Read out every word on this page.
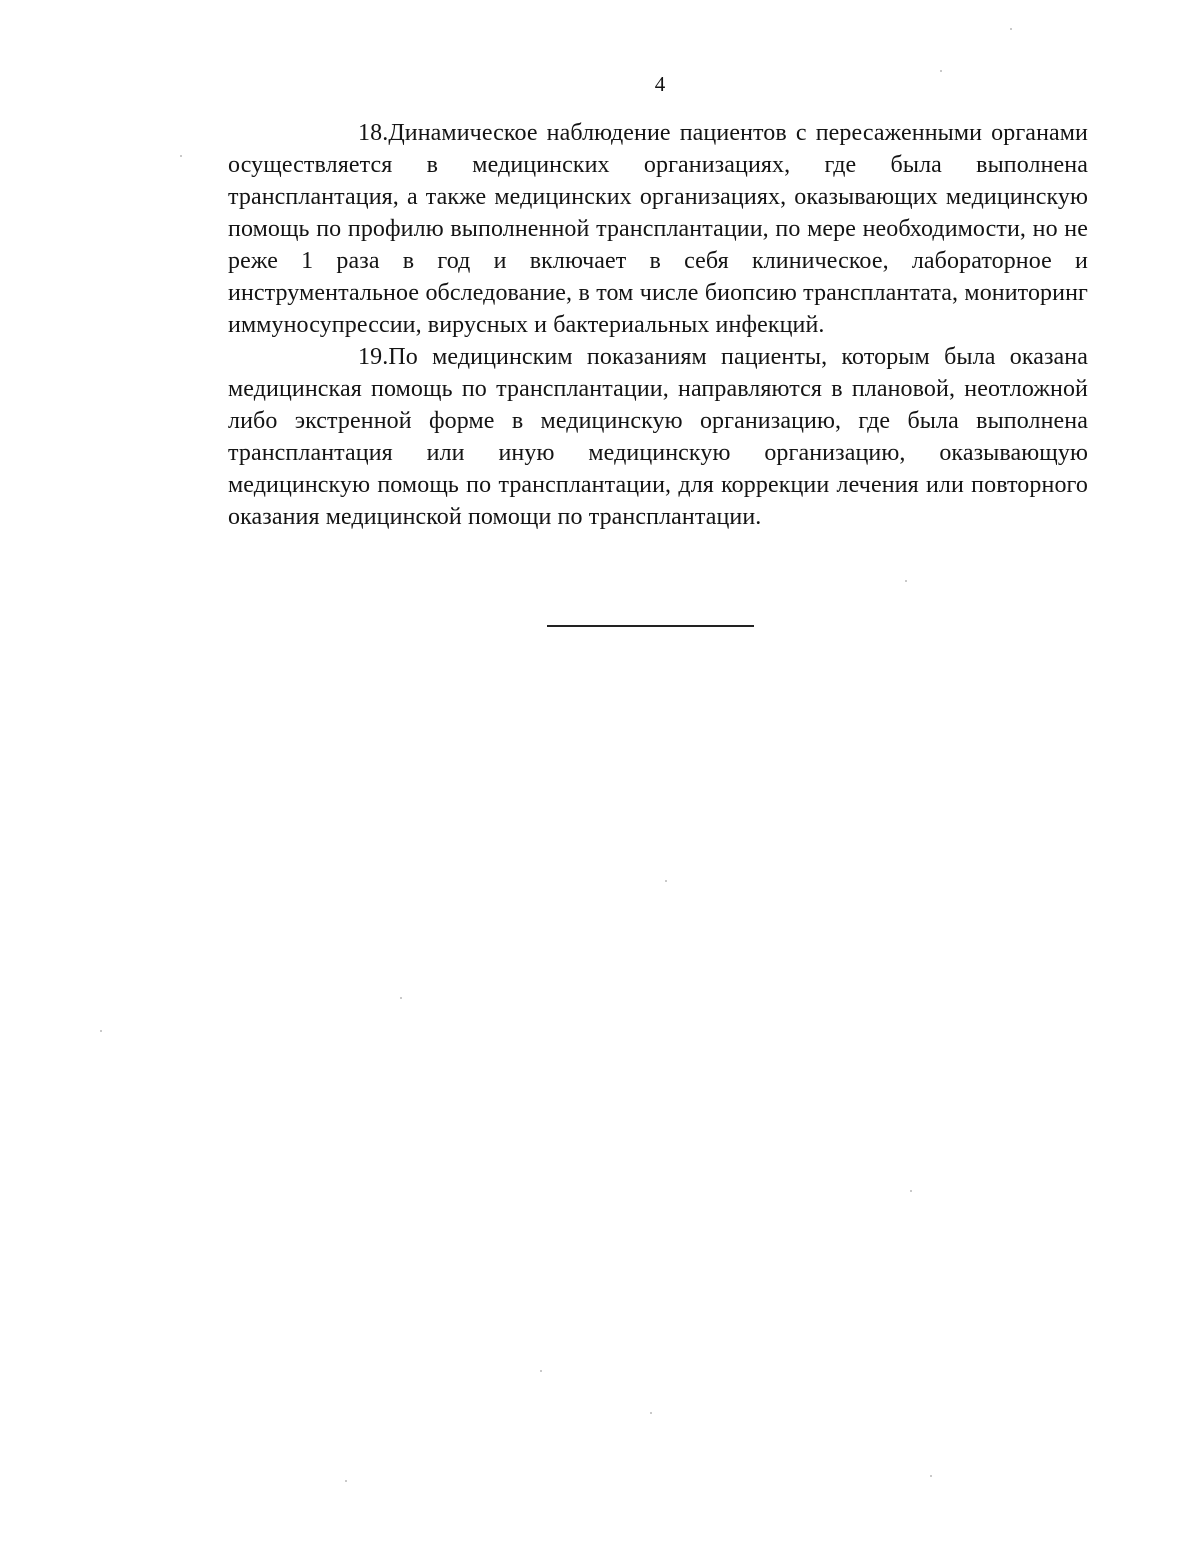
4

18.Динамическое наблюдение пациентов с пересаженными органами осуществляется в медицинских организациях, где была выполнена трансплантация, а также медицинских организациях, оказывающих медицинскую помощь по профилю выполненной трансплантации, по мере необходимости, но не реже 1 раза в год и включает в себя клиническое, лабораторное и инструментальное обследование, в том числе биопсию трансплантата, мониторинг иммуносупрессии, вирусных и бактериальных инфекций.

19.По медицинским показаниям пациенты, которым была оказана медицинская помощь по трансплантации, направляются в плановой, неотложной либо экстренной форме в медицинскую организацию, где была выполнена трансплантация или иную медицинскую организацию, оказывающую медицинскую помощь по трансплантации, для коррекции лечения или повторного оказания медицинской помощи по трансплантации.
